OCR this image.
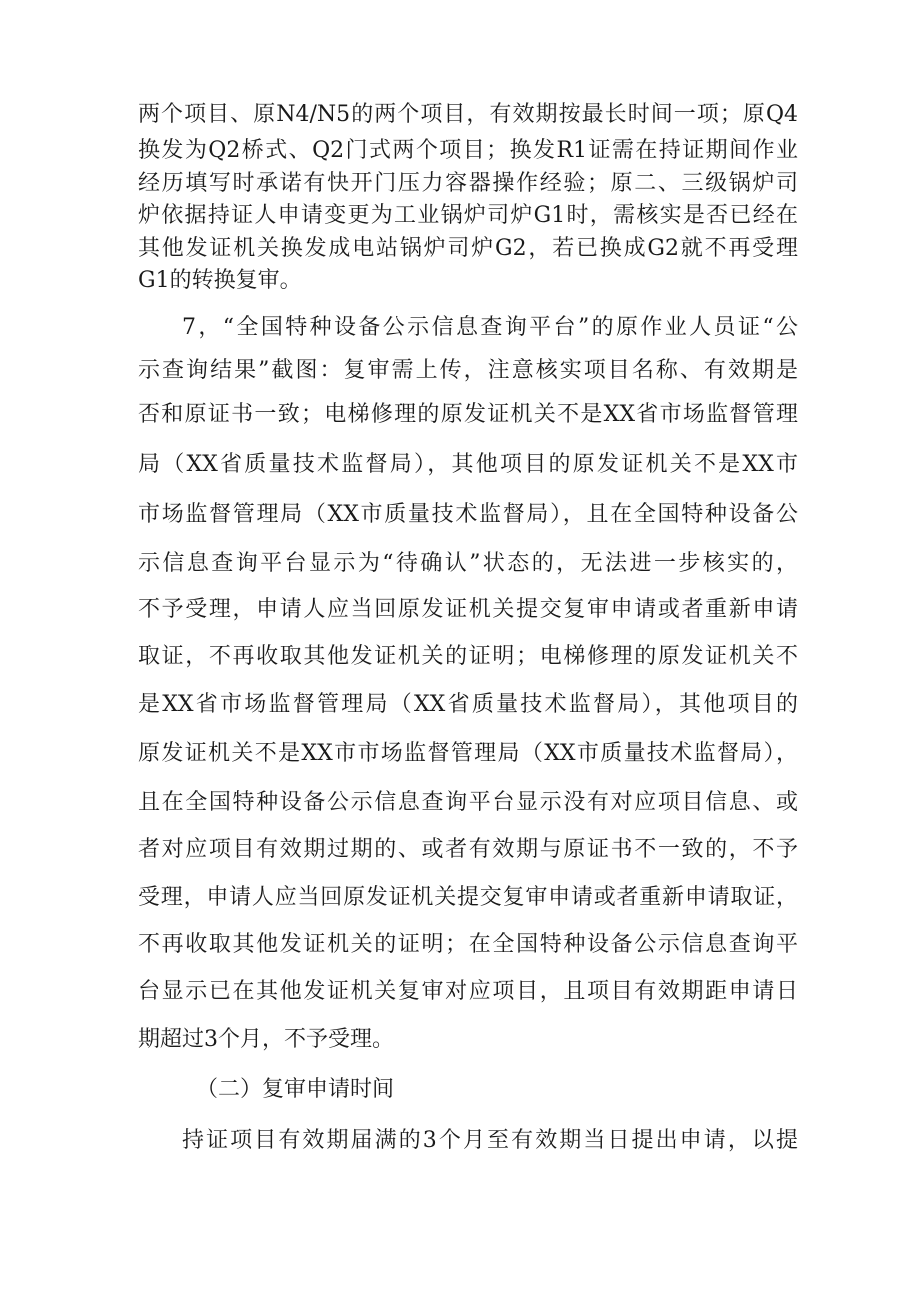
两个项目、原N4/N5的两个项目，有效期按最长时间一项；原Q4
换发为Q2桥式、Q2门式两个项目；换发R1证需在持证期间作业
经历填写时承诺有快开门压力容器操作经验；原二、三级锅炉司
炉依据持证人申请变更为工业锅炉司炉G1时，需核实是否已经在
其他发证机关换发成电站锅炉司炉G2，若已换成G2就不再受理
G1的转换复审。
7，“全国特种设备公示信息查询平台”的原作业人员证“公
示查询结果”截图：复审需上传，注意核实项目名称、有效期是
否和原证书一致；电梯修理的原发证机关不是XX省市场监督管理
局（XX省质量技术监督局），其他项目的原发证机关不是XX市
市场监督管理局（XX市质量技术监督局），且在全国特种设备公
示信息查询平台显示为“待确认”状态的，无法进一步核实的，
不予受理，申请人应当回原发证机关提交复审申请或者重新申请
取证，不再收取其他发证机关的证明；电梯修理的原发证机关不
是XX省市场监督管理局（XX省质量技术监督局），其他项目的
原发证机关不是XX市市场监督管理局（XX市质量技术监督局），
且在全国特种设备公示信息查询平台显示没有对应项目信息、或
者对应项目有效期过期的、或者有效期与原证书不一致的，不予
受理，申请人应当回原发证机关提交复审申请或者重新申请取证，
不再收取其他发证机关的证明；在全国特种设备公示信息查询平
台显示已在其他发证机关复审对应项目，且项目有效期距申请日
期超过3个月，不予受理。
（二）复审申请时间
持证项目有效期届满的3个月至有效期当日提出申请，以提
